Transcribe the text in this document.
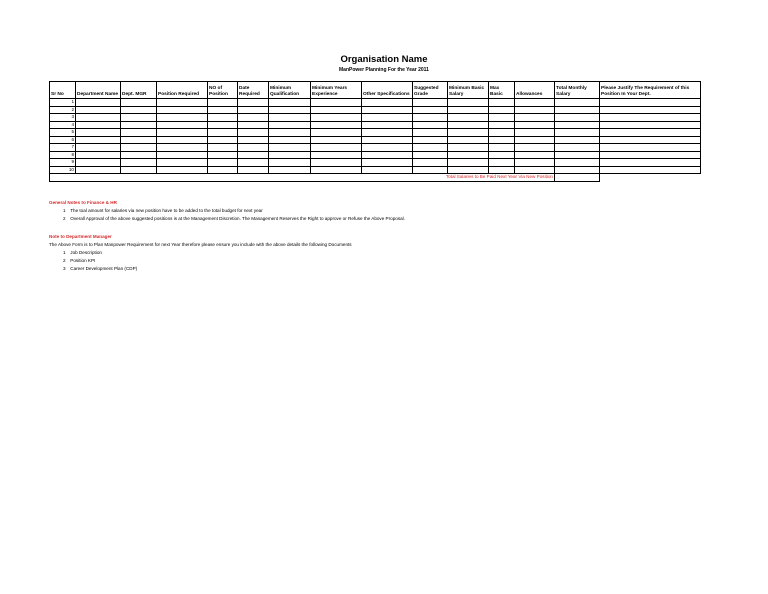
Organisation Name
ManPower Planning For the Year 2011
Sr No	Department Name	Dept. MGR	Position Required	NO of Position	Date Required	Minimum Qualification	Minimum Years Experience	Other Specifications	Suggested Grade	Minimum Basic Salary	Max Basic	Allowances	Total Monthly Salary	Please Justify The Requirement of this Position In Your Dept.
1														
2														
3														
4														
5														
6														
7														
8														
9														
10														
Total Salaries to Be Paid Next Year Via New Position														
General Notes to Finance & HR
1 The toal amount for salaries via new position have to be added to the total budget for next year
2 Overall Approval of the above suggested positions is at the Management Discretion. The Management Reserves the Right to approve or Refuse the Above Proposal.
Note to Department Manager
The Above Form is to Plan Manpower Requirement for next Year therefore please ensure you include with the above details the following Documents
1 Job Description
2 Position KPI
3 Career Development Plan (CDP)
